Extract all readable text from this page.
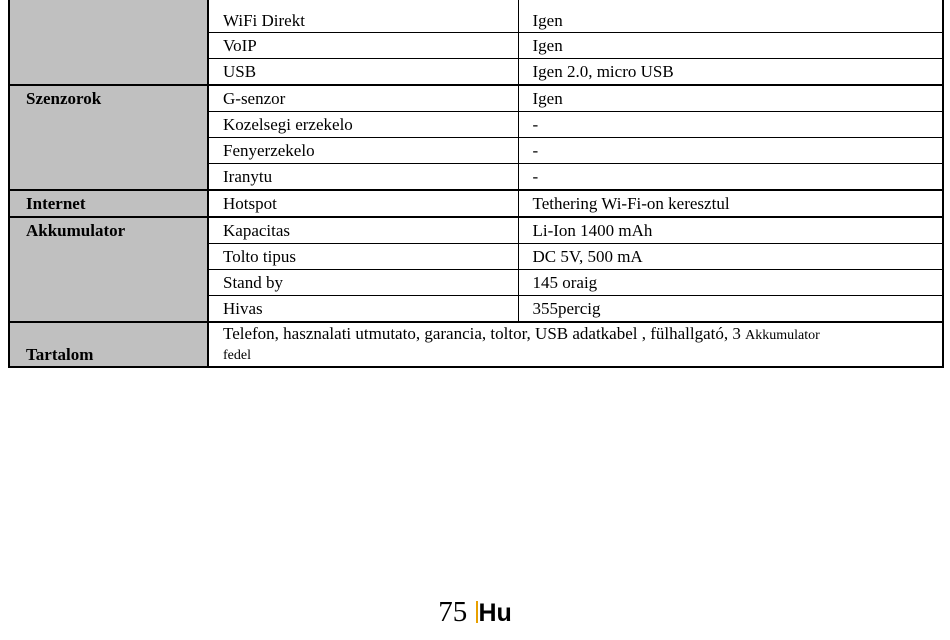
	WiFi Direkt	Igen
	VoIP	Igen
	USB	Igen 2.0, micro USB
Szenzorok	G-senzor	Igen
	Kozelsegi erzekelo	-
	Fenyerzekelo	-
	Iranytu	-
Internet	Hotspot	Tethering Wi-Fi-on keresztul
Akkumulator	Kapacitas	Li-Ion 1400 mAh
	Tolto tipus	DC 5V, 500 mA
	Stand by	145 oraig
	Hivas	355percig
Tartalom	Telefon, hasznalati utmutato, garancia, toltor, USB adatkabel , fülhallgató, 3 Akkumulator
fedel	
75 Hu
